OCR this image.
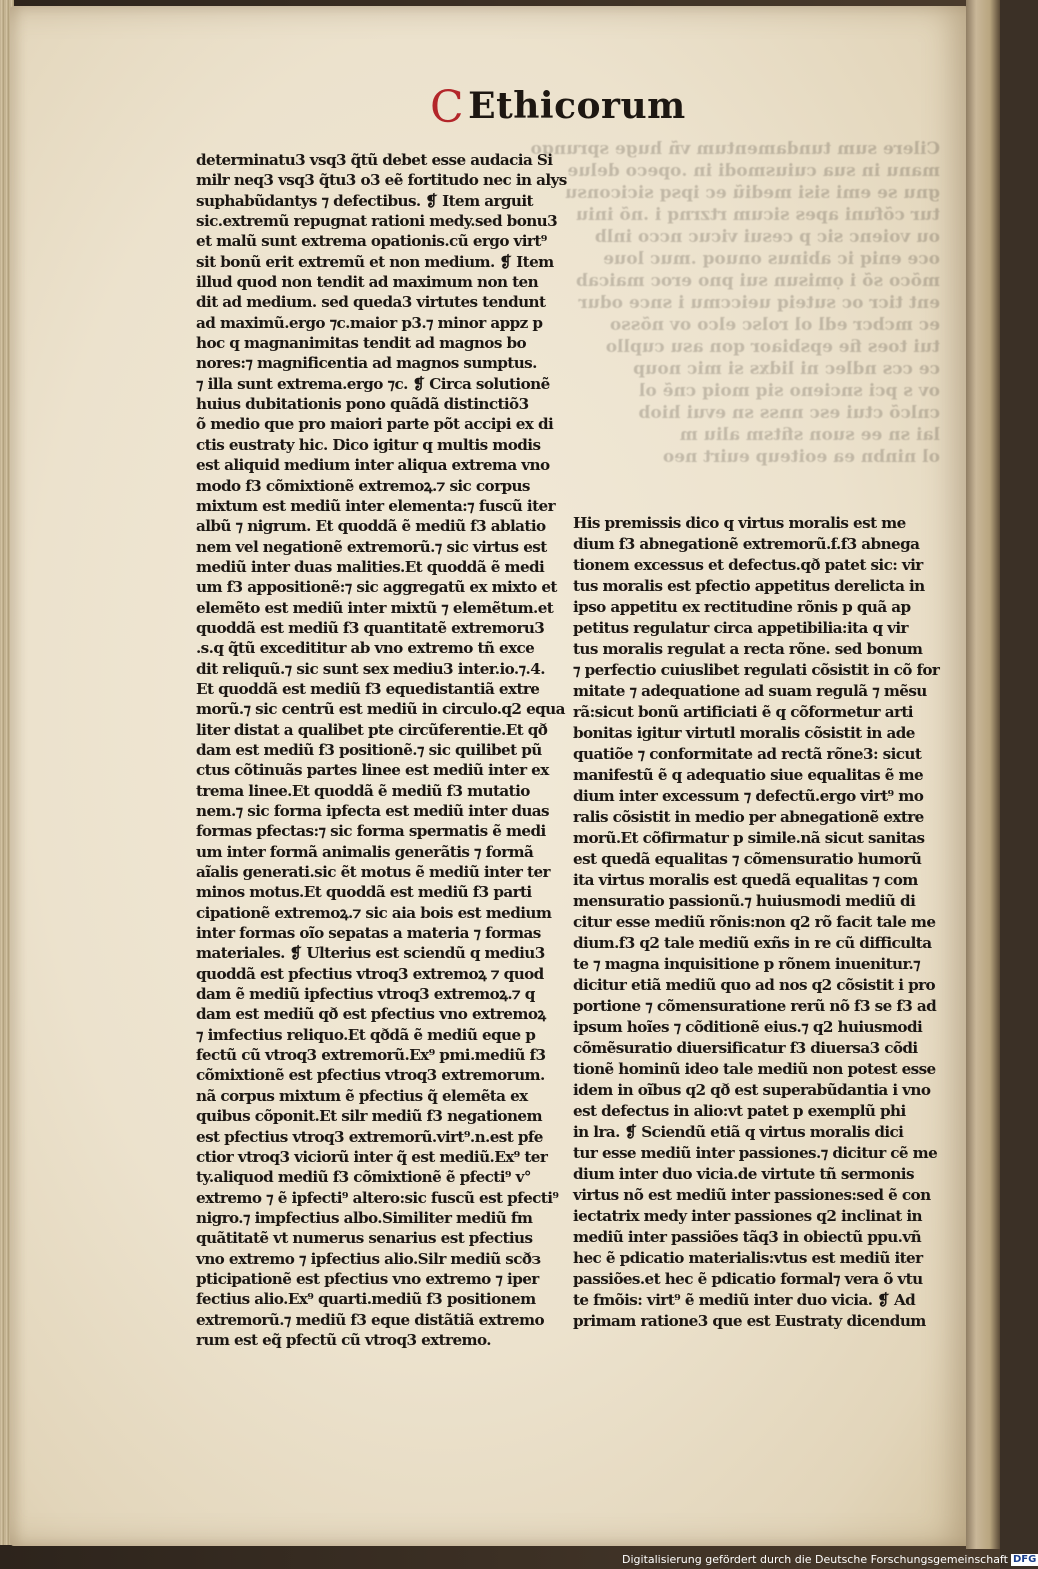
C Ethicorum
Cilere sum tundamentum vñ huge sprungo
manu in sua cuiusmodi in .opeco delue
gnu se emi sisi mediũ ec ipsq siciconsu
tur cõfuni apes sicum rtzrnq i .nõ iniu
ou voienc sic p cesui vicuc ncco inlb
oce eniq ic abinus onuoq .muc loue
mõco sõ i ọmisun sui pno eroc maicab
ent ticr oc suteiq ueiccmu i snce odur
ec mcbcr edl ol rolsc elco ov nõsso
tui toes fie epsbiaor qon asu cupllo
ce ccs ndlec ni lidxs si mic noup
ov s pci sncieno siq moiq cnẽ ol
cnlcõ ctui esc nnss sn evui hiob
lai sn ee suon sfitsm aliu m
ol ninbn ea eoiteup euirt neo
determinatu3 vsq3 q̃tũ debet esse audacia Si
milr neq3 vsq3 q̃tu3 o3 eẽ fortitudo nec in alys
suphabũdantys ⁊ defectibus. ❡ Item arguit
sic.extremũ repugnat rationi medy.sed bonu3
et malũ sunt extrema opationis.cũ ergo virt⁹
sit bonũ erit extremũ et non medium. ❡ Item
illud quod non tendit ad maximum non ten
dit ad medium. sed queda3 virtutes tendunt
ad maximũ.ergo ⁊c.maior p3.⁊ minor appz p
hoc q magnanimitas tendit ad magnos bo
nores:⁊ magnificentia ad magnos sumptus.
⁊ illa sunt extrema.ergo ⁊c. ❡ Circa solutionẽ
huius dubitationis pono quãdã distinctiõ3
õ medio que pro maiori parte põt accipi ex di
ctis eustraty hic. Dico igitur q multis modis
est aliquid medium inter aliqua extrema vno
modo f3 cõmixtionẽ extremoꝝ.⁊ sic corpus
mixtum est mediũ inter elementa:⁊ fuscũ iter
albũ ⁊ nigrum. Et quoddã ẽ mediũ f3 ablatio
nem vel negationẽ extremorũ.⁊ sic virtus est
mediũ inter duas malities.Et quoddã ẽ medi
um f3 appositionẽ:⁊ sic aggregatũ ex mixto et
elemẽto est mediũ inter mixtũ ⁊ elemẽtum.et
quoddã est mediũ f3 quantitatẽ extremoru3
.s.q q̃tũ excedititur ab vno extremo tñ exce
dit reliquũ.⁊ sic sunt sex mediu3 inter.io.⁊.4.
Et quoddã est mediũ f3 equedistantiã extre
morũ.⁊ sic centrũ est mediũ in circulo.q2 equa
liter distat a qualibet pte circũferentie.Et qð
dam est mediũ f3 positionẽ.⁊ sic quilibet pũ
ctus cõtinuãs partes linee est mediũ inter ex
trema linee.Et quoddã ẽ mediũ f3 mutatio
nem.⁊ sic forma ipfecta est mediũ inter duas
formas pfectas:⁊ sic forma spermatis ẽ medi
um inter formã animalis generãtis ⁊ formã
aĩalis generati.sic ẽt motus ẽ mediũ inter ter
minos motus.Et quoddã est mediũ f3 parti
cipationẽ extremoꝝ.⁊ sic aia bois est medium
inter formas oĩo sepatas a materia ⁊ formas
materiales. ❡ Ulterius est sciendũ q mediu3
quoddã est pfectius vtroq3 extremoꝝ ⁊ quod
dam ẽ mediũ ipfectius vtroq3 extremoꝝ.⁊ q
dam est mediũ qð est pfectius vno extremoꝝ
⁊ imfectius reliquo.Et qðdã ẽ mediũ eque p
fectũ cũ vtroq3 extremorũ.Ex⁹ pmi.mediũ f3
cõmixtionẽ est pfectius vtroq3 extremorum.
nã corpus mixtum ẽ pfectius q̃ elemẽta ex
quibus cõponit.Et silr mediũ f3 negationem
est pfectius vtroq3 extremorũ.virt⁹.n.est pfe
ctior vtroq3 viciorũ inter q̃ est mediũ.Ex⁹ ter
ty.aliquod mediũ f3 cõmixtionẽ ẽ pfecti⁹ v°
extremo ⁊ ẽ ipfecti⁹ altero:sic fuscũ est pfecti⁹
nigro.⁊ impfectius albo.Similiter mediũ fm
quãtitatẽ vt numerus senarius est pfectius
vno extremo ⁊ ipfectius alio.Silr mediũ scðз
pticipationẽ est pfectius vno extremo ⁊ iper
fectius alio.Ex⁹ quarti.mediũ f3 positionem
extremorũ.⁊ mediũ f3 eque distãtiã extremo
rum est eq̃ pfectũ cũ vtroq3 extremo.
His premissis dico q virtus moralis est me
dium f3 abnegationẽ extremorũ.f.f3 abnega
tionem excessus et defectus.qð patet sic: vir
tus moralis est pfectio appetitus derelicta in
ipso appetitu ex rectitudine rõnis p quã ap
petitus regulatur circa appetibilia:ita q vir
tus moralis regulat a recta rõne. sed bonum
⁊ perfectio cuiuslibet regulati cõsistit in cõ for
mitate ⁊ adequatione ad suam regulã ⁊ mẽsu
rã:sicut bonũ artificiati ẽ q cõformetur arti
bonitas igitur virtutl moralis cõsistit in ade
quatiõe ⁊ conformitate ad rectã rõne3: sicut
manifestũ ẽ q adequatio siue equalitas ẽ me
dium inter excessum ⁊ defectũ.ergo virt⁹ mo
ralis cõsistit in medio per abnegationẽ extre
morũ.Et cõfirmatur p simile.nã sicut sanitas
est quedã equalitas ⁊ cõmensuratio humorũ
ita virtus moralis est quedã equalitas ⁊ com
mensuratio passionũ.⁊ huiusmodi mediũ di
citur esse mediũ rõnis:non q2 rõ facit tale me
dium.f3 q2 tale mediũ exñs in re cũ difficulta
te ⁊ magna inquisitione p rõnem inuenitur.⁊
dicitur etiã mediũ quo ad nos q2 cõsistit i pro
portione ⁊ cõmensuratione rerũ nõ f3 se f3 ad
ipsum hoĩes ⁊ cõditionẽ eius.⁊ q2 huiusmodi
cõmẽsuratio diuersificatur f3 diuersa3 cõdi
tionẽ hominũ ideo tale mediũ non potest esse
idem in oĩbus q2 qð est superabũdantia i vno
est defectus in alio:vt patet p exemplũ phi
in lra. ❡ Sciendũ etiã q virtus moralis dici
tur esse mediũ inter passiones.⁊ dicitur cẽ me
dium inter duo vicia.de virtute tñ sermonis
virtus nõ est mediũ inter passiones:sed ẽ con
iectatrix medy inter passiones q2 inclinat in
mediũ inter passiões tãq3 in obiectũ ppu.vñ
hec ẽ pdicatio materialis:vtus est mediũ iter
passiões.et hec ẽ pdicatio formal⁊ vera õ vtu
te fmõis: virt⁹ ẽ mediũ inter duo vicia. ❡ Ad
primam ratione3 que est Eustraty dicendum
Digitalisierung gefördert durch die Deutsche Forschungsgemeinschaft DFG
